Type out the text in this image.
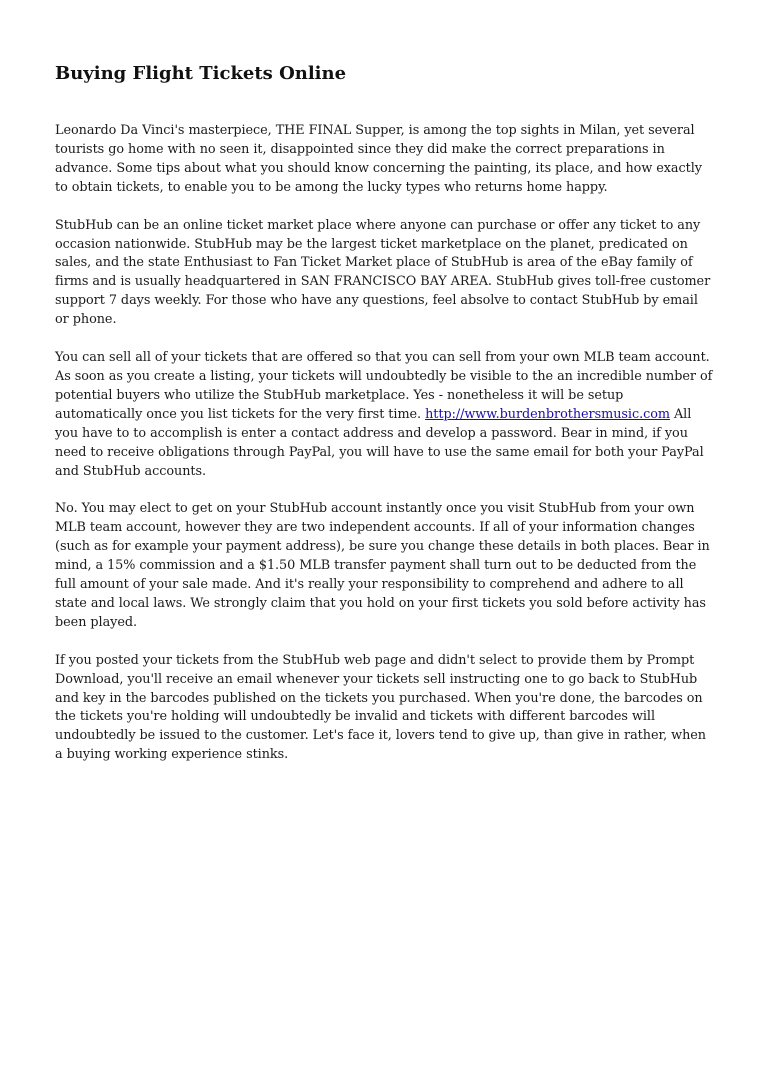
Buying Flight Tickets Online

Leonardo Da Vinci's masterpiece, THE FINAL Supper, is among the top sights in Milan, yet several tourists go home with no seen it, disappointed since they did make the correct preparations in advance. Some tips about what you should know concerning the painting, its place, and how exactly to obtain tickets, to enable you to be among the lucky types who returns home happy.

StubHub can be an online ticket market place where anyone can purchase or offer any ticket to any occasion nationwide. StubHub may be the largest ticket marketplace on the planet, predicated on sales, and the state Enthusiast to Fan Ticket Market place of StubHub is area of the eBay family of firms and is usually headquartered in SAN FRANCISCO BAY AREA. StubHub gives toll-free customer support 7 days weekly. For those who have any questions, feel absolve to contact StubHub by email or phone.

You can sell all of your tickets that are offered so that you can sell from your own MLB team account. As soon as you create a listing, your tickets will undoubtedly be visible to the an incredible number of potential buyers who utilize the StubHub marketplace. Yes - nonetheless it will be setup automatically once you list tickets for the very first time. http://www.burdenbrothersmusic.com All you have to to accomplish is enter a contact address and develop a password. Bear in mind, if you need to receive obligations through PayPal, you will have to use the same email for both your PayPal and StubHub accounts.

No. You may elect to get on your StubHub account instantly once you visit StubHub from your own MLB team account, however they are two independent accounts. If all of your information changes (such as for example your payment address), be sure you change these details in both places. Bear in mind, a 15% commission and a $1.50 MLB transfer payment shall turn out to be deducted from the full amount of your sale made. And it's really your responsibility to comprehend and adhere to all state and local laws. We strongly claim that you hold on your first tickets you sold before activity has been played.

If you posted your tickets from the StubHub web page and didn't select to provide them by Prompt Download, you'll receive an email whenever your tickets sell instructing one to go back to StubHub and key in the barcodes published on the tickets you purchased. When you're done, the barcodes on the tickets you're holding will undoubtedly be invalid and tickets with different barcodes will undoubtedly be issued to the customer. Let's face it, lovers tend to give up, than give in rather, when a buying working experience stinks.
